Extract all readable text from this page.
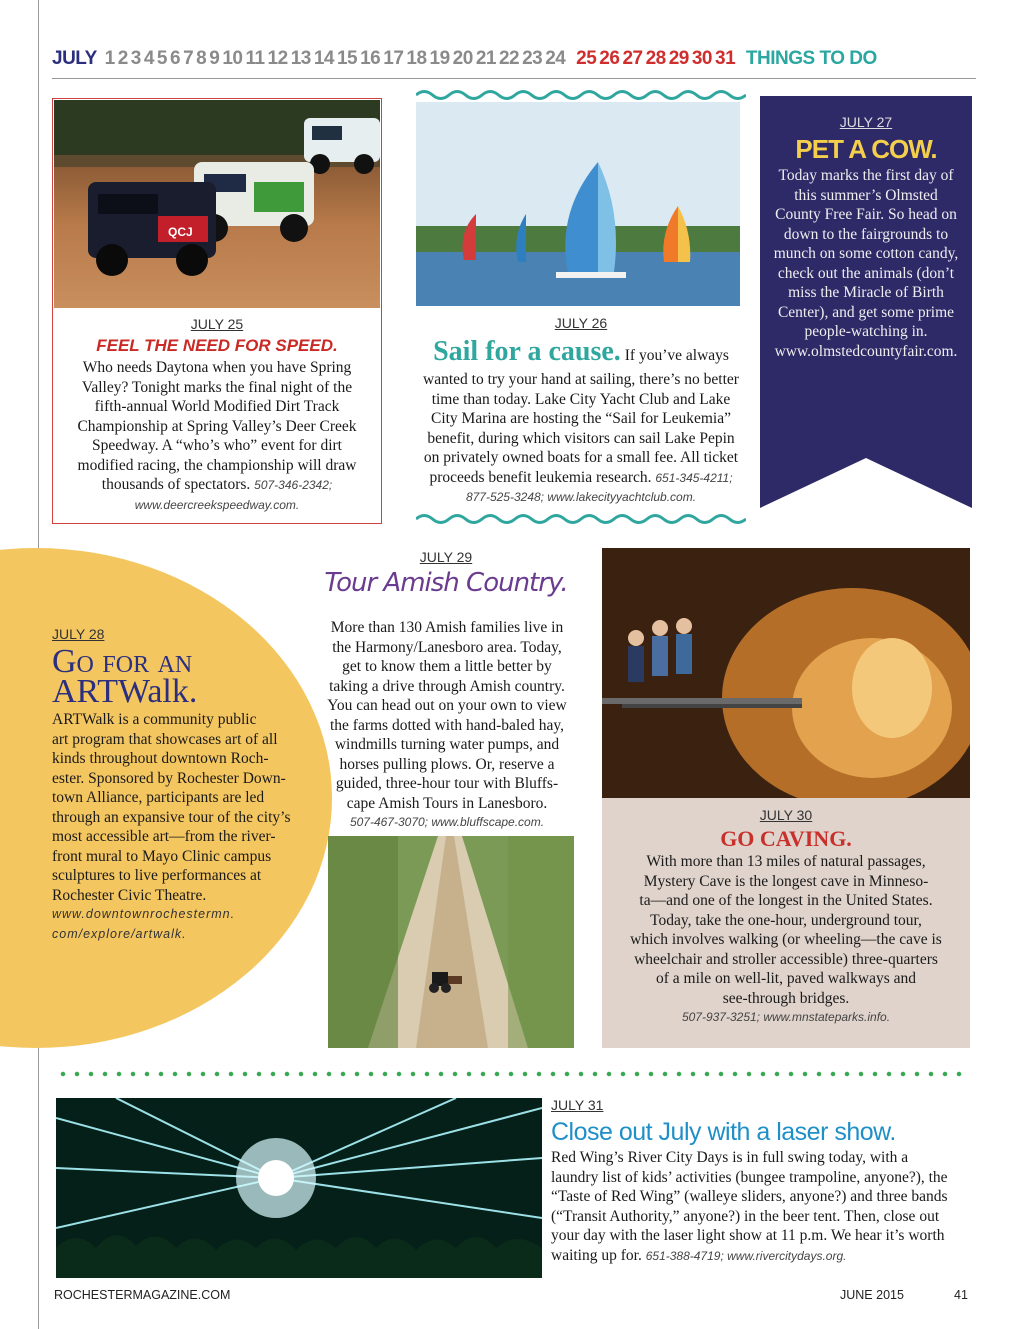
JULY 1 2 3 4 5 6 7 8 9 10 11 12 13 14 15 16 17 18 19 20 21 22 23 24 25 26 27 28 29 30 31 THINGS TO DO
QCJ
JULY 25
FEEL THE NEED FOR SPEED.
Who needs Daytona when you have Spring
Valley? Tonight marks the final night of the
fifth-annual World Modified Dirt Track
Championship at Spring Valley’s Deer Creek
Speedway. A “who’s who” event for dirt
modified racing, the championship will draw
thousands of spectators. 507-346-2342;
www.deercreekspeedway.com.
JULY 26
Sail for a cause. If you’ve always
wanted to try your hand at sailing, there’s no better
time than today. Lake City Yacht Club and Lake
City Marina are hosting the “Sail for Leukemia”
benefit, during which visitors can sail Lake Pepin
on privately owned boats for a small fee. All ticket
proceeds benefit leukemia research. 651-345-4211;
877-525-3248; www.lakecityyachtclub.com.
JULY 27
PET A COW.
Today marks the first day of
this summer’s Olmsted
County Free Fair. So head on
down to the fairgrounds to
munch on some cotton candy,
check out the animals (don’t
miss the Miracle of Birth
Center), and get some prime
people-watching in.
www.olmstedcountyfair.com.
JULY 28
Go for an
ARTWalk.
ARTWalk is a community public
art program that showcases art of all
kinds throughout downtown Roch-
ester. Sponsored by Rochester Down-
town Alliance, participants are led
through an expansive tour of the city’s
most accessible art—from the river-
front mural to Mayo Clinic campus
sculptures to live performances at
Rochester Civic Theatre.
www.downtownrochestermn.
com/explore/artwalk.
JULY 29
Tour Amish Country.
More than 130 Amish families live in
the Harmony/Lanesboro area. Today,
get to know them a little better by
taking a drive through Amish country.
You can head out on your own to view
the farms dotted with hand-baled hay,
windmills turning water pumps, and
horses pulling plows. Or, reserve a
guided, three-hour tour with Bluffs-
cape Amish Tours in Lanesboro.
507-467-3070; www.bluffscape.com.	JULY 30
GO CAVING.
With more than 13 miles of natural passages,
Mystery Cave is the longest cave in Minneso-
ta—and one of the longest in the United States.
Today, take the one-hour, underground tour,
which involves walking (or wheeling—the cave is
wheelchair and stroller accessible) three-quarters
of a mile on well-lit, paved walkways and
see-through bridges.
507-937-3251; www.mnstateparks.info.
JULY 31
Close out July with a laser show.
Red Wing’s River City Days is in full swing today, with a
laundry list of kids’ activities (bungee trampoline, anyone?), the
“Taste of Red Wing” (walleye sliders, anyone?) and three bands
(“Transit Authority,” anyone?) in the beer tent. Then, close out
your day with the laser light show at 11 p.m. We hear it’s worth
waiting up for. 651-388-4719; www.rivercitydays.org.
ROCHESTERMAGAZINE.COM	JUNE 2015	41
